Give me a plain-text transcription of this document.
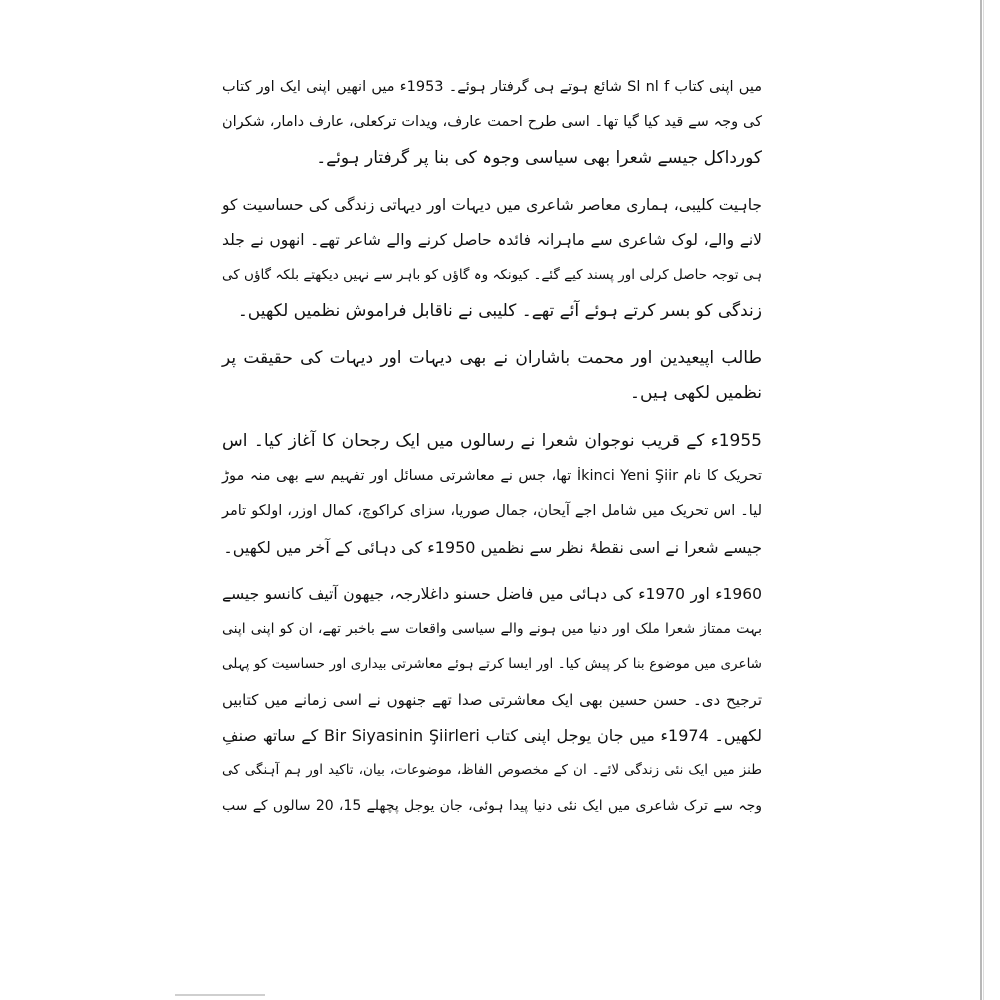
میں اپنی کتاب Sl nl f شائع ہوتے ہی گرفتار ہوئے۔ 1953ء میں انھیں اپنی ایک اور کتاب
کی وجہ سے قید کیا گیا تھا۔ اسی طرح احمت عارف، ویدات ترکعلی، عارف دامار، شکران
کورداکل جیسے شعرا بھی سیاسی وجوہ کی بنا پر گرفتار ہوئے۔
جاہیت کلیبی، ہماری معاصر شاعری میں دیہات اور دیہاتی زندگی کی حساسیت کو
لانے والے، لوک شاعری سے ماہرانہ فائدہ حاصل کرنے والے شاعر تھے۔ انھوں نے جلد
ہی توجہ حاصل کرلی اور پسند کیے گئے۔ کیونکہ وہ گاؤں کو باہر سے نہیں دیکھتے بلکہ گاؤں کی
زندگی کو بسر کرتے ہوئے آئے تھے۔ کلیبی نے ناقابل فراموش نظمیں لکھیں۔
طالب اپیعیدین اور محمت باشاران نے بھی دیہات اور دیہات کی حقیقت پر
نظمیں لکھی ہیں۔
1955ء کے قریب نوجوان شعرا نے رسالوں میں ایک رجحان کا آغاز کیا۔ اس
تحریک کا نام İkinci Yeni Şiir تھا، جس نے معاشرتی مسائل اور تفہیم سے بھی منہ موڑ
لیا۔ اس تحریک میں شامل اجے آیحان، جمال صوریا، سزای کراکوچ، کمال اوزر، اولکو تامر
جیسے شعرا نے اسی نقطۂ نظر سے نظمیں 1950ء کی دہائی کے آخر میں لکھیں۔
1960ء اور 1970ء کی دہائی میں فاضل حسنو داغلارجہ، جیھون آتیف کانسو جیسے
بہت ممتاز شعرا ملک اور دنیا میں ہونے والے سیاسی واقعات سے باخبر تھے، ان کو اپنی اپنی
شاعری میں موضوع بنا کر پیش کیا۔ اور ایسا کرتے ہوئے معاشرتی بیداری اور حساسیت کو پہلی
ترجیح دی۔ حسن حسین بھی ایک معاشرتی صدا تھے جنھوں نے اسی زمانے میں کتابیں
لکھیں۔ 1974ء میں جان یوجل اپنی کتاب Bir Siyasinin Şiirleri کے ساتھ صنفِ
طنز میں ایک نئی زندگی لائے۔ ان کے مخصوص الفاظ، موضوعات، بیان، تاکید اور ہم آہنگی کی
وجہ سے ترک شاعری میں ایک نئی دنیا پیدا ہوئی، جان یوجل پچھلے 15، 20 سالوں کے سب
